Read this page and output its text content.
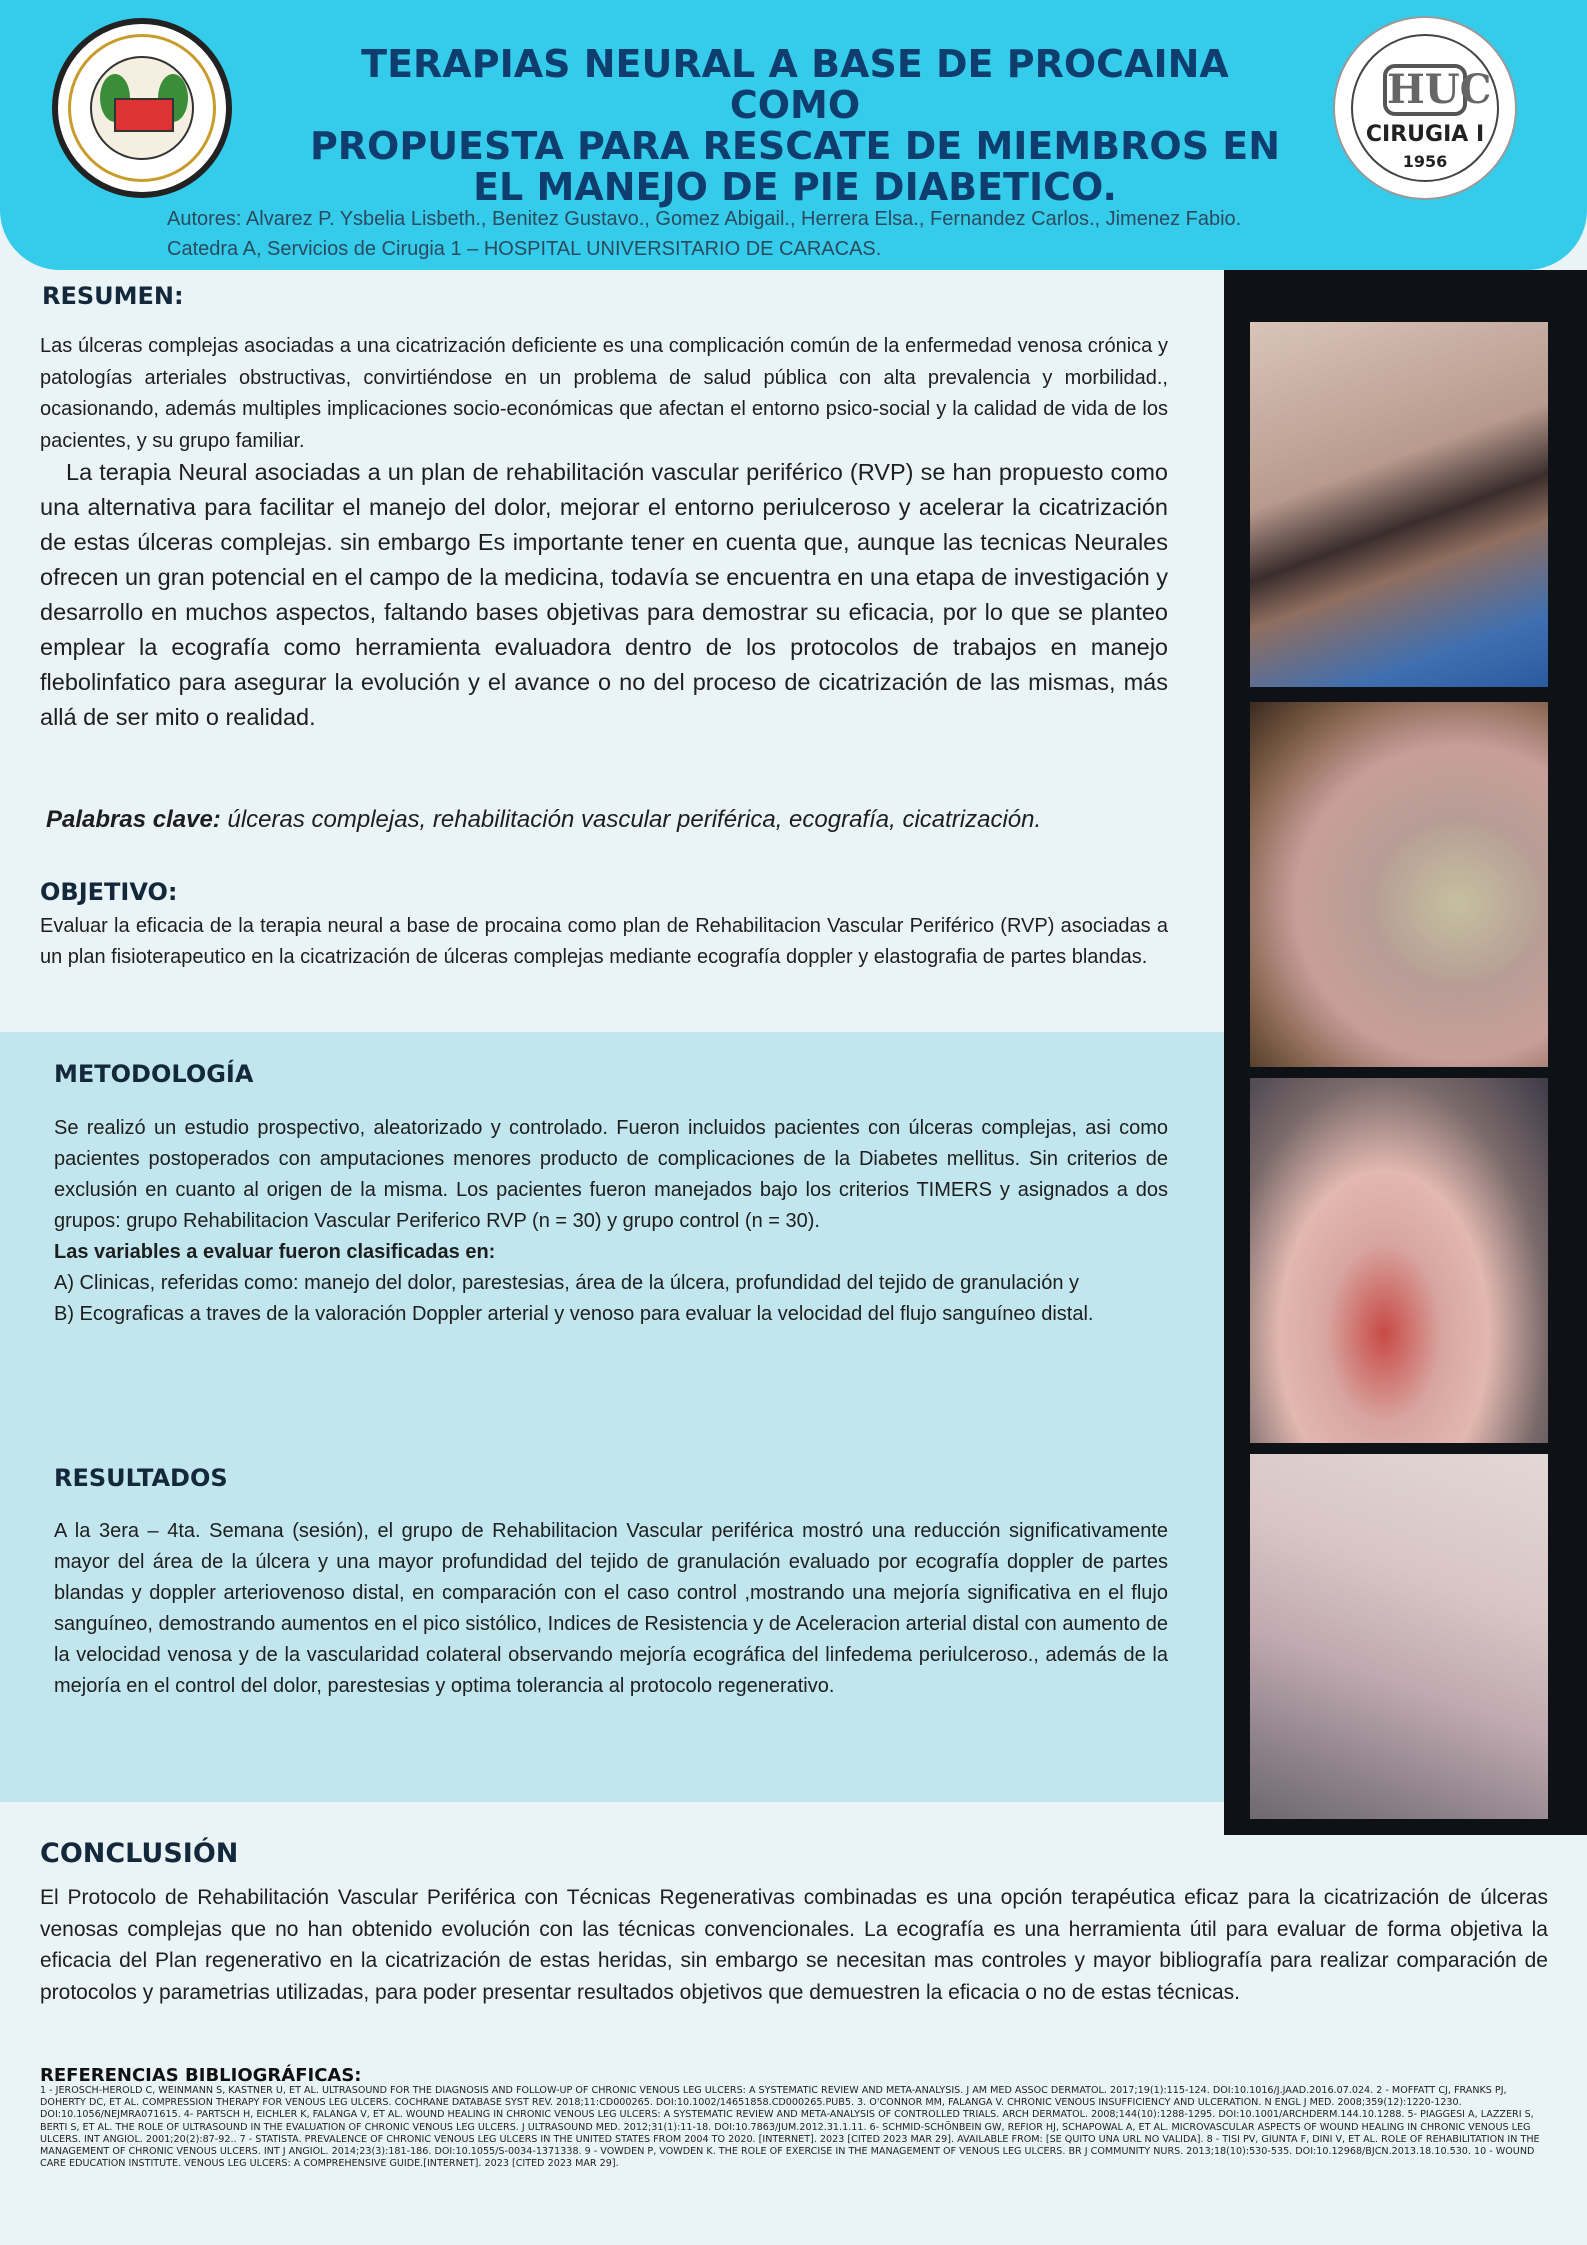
TERAPIAS NEURAL A BASE DE PROCAINA COMO
PROPUESTA PARA RESCATE DE MIEMBROS EN
EL MANEJO DE PIE DIABETICO.
HUC
CIRUGIA I
1956
Autores: Alvarez P. Ysbelia Lisbeth., Benitez Gustavo., Gomez Abigail., Herrera Elsa., Fernandez Carlos., Jimenez Fabio.
Catedra A, Servicios de Cirugia 1 – HOSPITAL UNIVERSITARIO DE CARACAS.
RESUMEN:
Las úlceras complejas asociadas a una cicatrización deficiente es una complicación común de la enfermedad venosa crónica y patologías arteriales obstructivas, convirtiéndose en un problema de salud pública con alta prevalencia y morbilidad., ocasionando, además multiples implicaciones socio-económicas que afectan el entorno psico-social y la calidad de vida de los pacientes, y su grupo familiar.
La terapia Neural asociadas a un plan de rehabilitación vascular periférico (RVP) se han propuesto como una alternativa para facilitar el manejo del dolor, mejorar el entorno periulceroso y acelerar la cicatrización de estas úlceras complejas. sin embargo Es importante tener en cuenta que, aunque las tecnicas Neurales ofrecen un gran potencial en el campo de la medicina, todavía se encuentra en una etapa de investigación y desarrollo en muchos aspectos, faltando bases objetivas para demostrar su eficacia, por lo que se planteo emplear la ecografía como herramienta evaluadora dentro de los protocolos de trabajos en manejo flebolinfatico para asegurar la evolución y el avance o no del proceso de cicatrización de las mismas, más allá de ser mito o realidad.
Palabras clave: úlceras complejas, rehabilitación vascular periférica, ecografía, cicatrización.
OBJETIVO:
Evaluar la eficacia de la terapia neural a base de procaina como plan de Rehabilitacion Vascular Periférico (RVP) asociadas a un plan fisioterapeutico en la cicatrización de úlceras complejas mediante ecografía doppler y elastografia de partes blandas.
METODOLOGÍA
Se realizó un estudio prospectivo, aleatorizado y controlado. Fueron incluidos pacientes con úlceras complejas, asi como pacientes postoperados con amputaciones menores producto de complicaciones de la Diabetes mellitus. Sin criterios de exclusión en cuanto al origen de la misma. Los pacientes fueron manejados bajo los criterios TIMERS y asignados a dos grupos: grupo Rehabilitacion Vascular Periferico RVP (n = 30) y grupo control (n = 30).
Las variables a evaluar fueron clasificadas en:
A) Clinicas, referidas como: manejo del dolor, parestesias, área de la úlcera, profundidad del tejido de granulación y
B) Ecograficas a traves de la valoración Doppler arterial y venoso para evaluar la velocidad del flujo sanguíneo distal.
RESULTADOS
A la 3era – 4ta. Semana (sesión), el grupo de Rehabilitacion Vascular periférica mostró una reducción significativamente mayor del área de la úlcera y una mayor profundidad del tejido de granulación evaluado por ecografía doppler de partes blandas y doppler arteriovenoso distal, en comparación con el caso control ,mostrando una mejoría significativa en el flujo sanguíneo, demostrando aumentos en el pico sistólico, Indices de Resistencia y de Aceleracion arterial distal con aumento de la velocidad venosa y de la vascularidad colateral observando mejoría ecográfica del linfedema periulceroso., además de la mejoría en el control del dolor, parestesias y optima tolerancia al protocolo regenerativo.
CONCLUSIÓN
El Protocolo de Rehabilitación Vascular Periférica con Técnicas Regenerativas combinadas es una opción terapéutica eficaz para la cicatrización de úlceras venosas complejas que no han obtenido evolución con las técnicas convencionales. La ecografía es una herramienta útil para evaluar de forma objetiva la eficacia del Plan regenerativo en la cicatrización de estas heridas, sin embargo se necesitan mas controles y mayor bibliografía para realizar comparación de protocolos y parametrias utilizadas, para poder presentar resultados objetivos que demuestren la eficacia o no de estas técnicas.
REFERENCIAS BIBLIOGRÁFICAS:
1 - JEROSCH-HEROLD C, WEINMANN S, KASTNER U, ET AL. ULTRASOUND FOR THE DIAGNOSIS AND FOLLOW-UP OF CHRONIC VENOUS LEG ULCERS: A SYSTEMATIC REVIEW AND META-ANALYSIS. J AM MED ASSOC DERMATOL. 2017;19(1):115-124. DOI:10.1016/J.JAAD.2016.07.024. 2 - MOFFATT CJ, FRANKS PJ, DOHERTY DC, ET AL. COMPRESSION THERAPY FOR VENOUS LEG ULCERS. COCHRANE DATABASE SYST REV. 2018;11:CD000265. DOI:10.1002/14651858.CD000265.PUB5. 3. O'CONNOR MM, FALANGA V. CHRONIC VENOUS INSUFFICIENCY AND ULCERATION. N ENGL J MED. 2008;359(12):1220-1230. DOI:10.1056/NEJMRA071615. 4- PARTSCH H, EICHLER K, FALANGA V, ET AL. WOUND HEALING IN CHRONIC VENOUS LEG ULCERS: A SYSTEMATIC REVIEW AND META-ANALYSIS OF CONTROLLED TRIALS. ARCH DERMATOL. 2008;144(10):1288-1295. DOI:10.1001/ARCHDERM.144.10.1288. 5- PIAGGESI A, LAZZERI S, BERTI S, ET AL. THE ROLE OF ULTRASOUND IN THE EVALUATION OF CHRONIC VENOUS LEG ULCERS. J ULTRASOUND MED. 2012;31(1):11-18. DOI:10.7863/JUM.2012.31.1.11. 6- SCHMID-SCHÖNBEIN GW, REFIOR HJ, SCHAPOWAL A, ET AL. MICROVASCULAR ASPECTS OF WOUND HEALING IN CHRONIC VENOUS LEG ULCERS. INT ANGIOL. 2001;20(2):87-92.. 7 - STATISTA. PREVALENCE OF CHRONIC VENOUS LEG ULCERS IN THE UNITED STATES FROM 2004 TO 2020. [INTERNET]. 2023 [CITED 2023 MAR 29]. AVAILABLE FROM: [SE QUITO UNA URL NO VALIDA]. 8 - TISI PV, GIUNTA F, DINI V, ET AL. ROLE OF REHABILITATION IN THE MANAGEMENT OF CHRONIC VENOUS ULCERS. INT J ANGIOL. 2014;23(3):181-186. DOI:10.1055/S-0034-1371338. 9 - VOWDEN P, VOWDEN K. THE ROLE OF EXERCISE IN THE MANAGEMENT OF VENOUS LEG ULCERS. BR J COMMUNITY NURS. 2013;18(10):530-535. DOI:10.12968/BJCN.2013.18.10.530. 10 - WOUND CARE EDUCATION INSTITUTE. VENOUS LEG ULCERS: A COMPREHENSIVE GUIDE.[INTERNET]. 2023 [CITED 2023 MAR 29].
